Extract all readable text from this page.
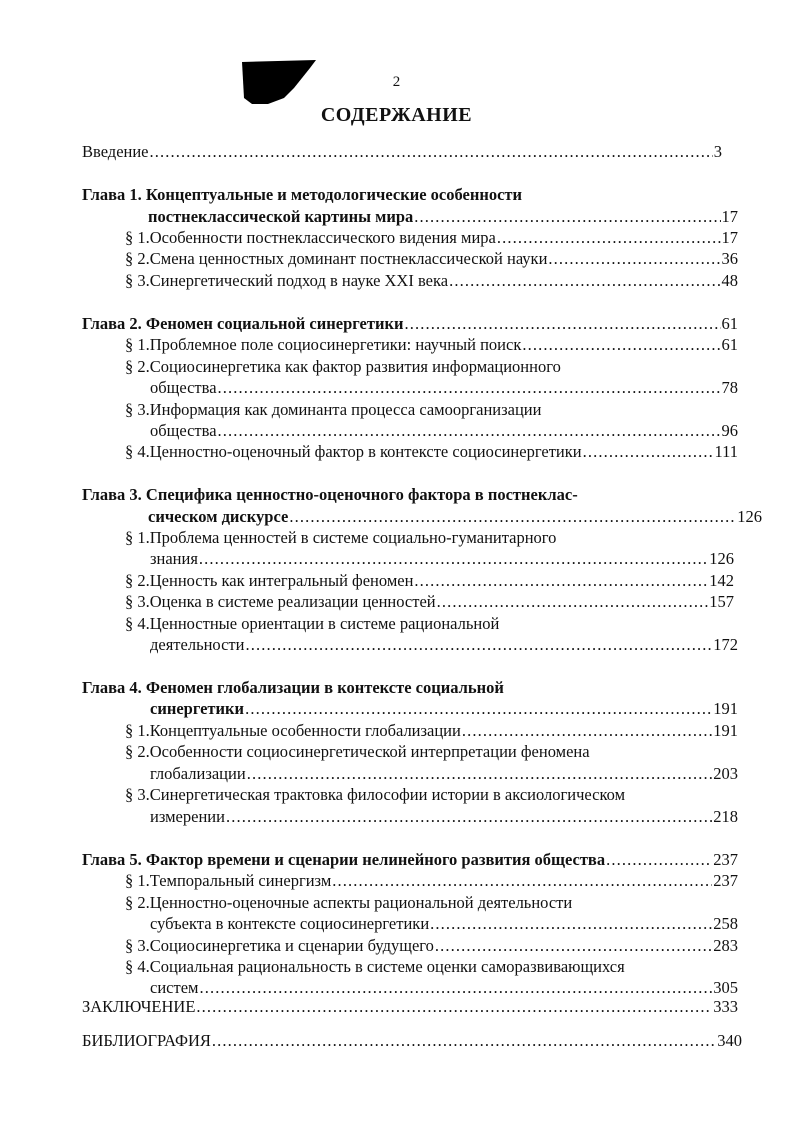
2
СОДЕРЖАНИЕ
Введение . . .	3
Глава 1. Концептуальные и методологические особенности
постнеклассической картины мира . . .	17
§ 1.Особенности постнеклассического видения мира . . .	17
§ 2.Смена ценностных доминант постнеклассической науки . . .	36
§ 3.Синергетический подход в науке XXI века . . .	48
Глава 2. Феномен социальной синергетики . . .	61
§ 1.Проблемное поле социосинергетики: научный поиск . . .	61
§ 2.Социосинергетика как фактор развития информационного
общества . . .	78
§ 3.Информация как доминанта процесса самоорганизации
общества . . .	96
§ 4.Ценностно-оценочный фактор в контексте социосинергетики . . .	111
Глава 3. Специфика ценностно-оценочного фактора в постнеклас-
сическом дискурсе . . .	126
§ 1.Проблема ценностей в системе социально-гуманитарного
знания . . .	126
§ 2.Ценность как интегральный феномен . . .	142
§ 3.Оценка в системе реализации ценностей . . .	157
§ 4.Ценностные ориентации в системе рациональной
деятельности . . .	172
Глава 4. Феномен глобализации в контексте социальной
синергетики . . .	191
§ 1.Концептуальные особенности глобализации . . .	191
§ 2.Особенности социосинергетической интерпретации феномена
глобализации . . .	203
§ 3.Синергетическая трактовка философии истории в аксиологическом
измерении . . .	218
Глава 5. Фактор времени и сценарии нелинейного развития общества . . .	237
§ 1.Темпоральный синергизм . . .	237
§ 2.Ценностно-оценочные аспекты рациональной деятельности
субъекта в контексте социосинергетики . . .	258
§ 3.Социосинергетика и сценарии будущего . . .	283
§ 4.Социальная рациональность в системе оценки саморазвивающихся
систем . . .	305
ЗАКЛЮЧЕНИЕ . . .	333
БИБЛИОГРАФИЯ . . .	340
